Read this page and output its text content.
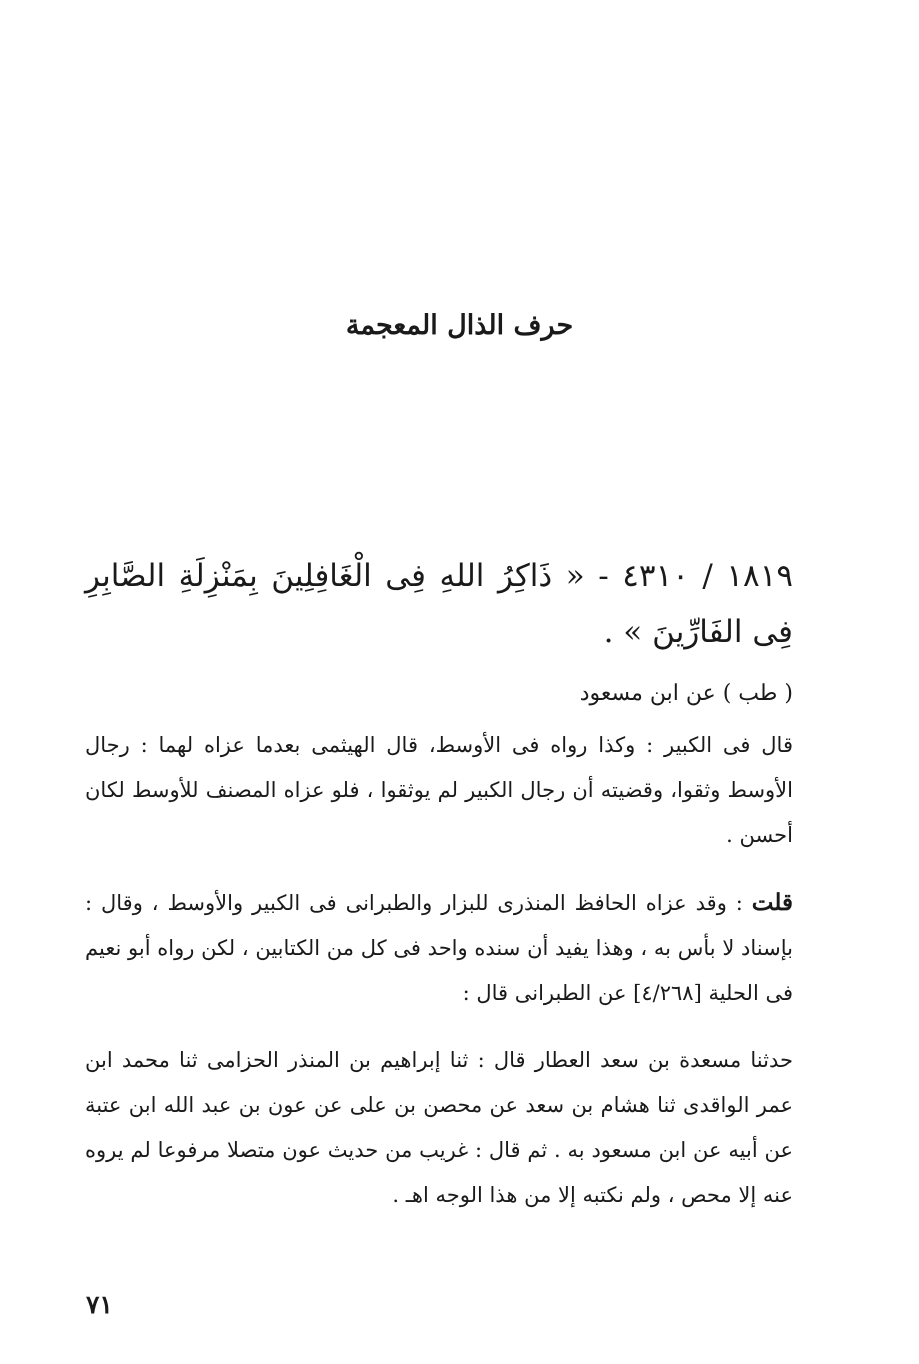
حرف الذال المعجمة

١٨١٩ / ٤٣١٠ - « ذَاكِرُ اللهِ فِى الْغَافِلِينَ بِمَنْزِلَةِ الصَّابِرِ فِى الفَارِّينَ » .

( طب ) عن ابن مسعود

قال فى الكبير : وكذا رواه فى الأوسط، قال الهيثمى بعدما عزاه لهما : رجال الأوسط وثقوا، وقضيته أن رجال الكبير لم يوثقوا ، فلو عزاه المصنف للأوسط لكان أحسن .

قلت : وقد عزاه الحافظ المنذرى للبزار والطبرانى فى الكبير والأوسط ، وقال : بإسناد لا بأس به ، وهذا يفيد أن سنده واحد فى كل من الكتابين ، لكن رواه أبو نعيم فى الحلية [٤/٢٦٨] عن الطبرانى قال :

حدثنا مسعدة بن سعد العطار قال : ثنا إبراهيم بن المنذر الحزامى ثنا محمد ابن عمر الواقدى ثنا هشام بن سعد عن محصن بن على عن عون بن عبد الله ابن عتبة عن أبيه عن ابن مسعود به . ثم قال : غريب من حديث عون متصلا مرفوعا لم يروه عنه إلا محص ، ولم نكتبه إلا من هذا الوجه اهـ .

٧١
